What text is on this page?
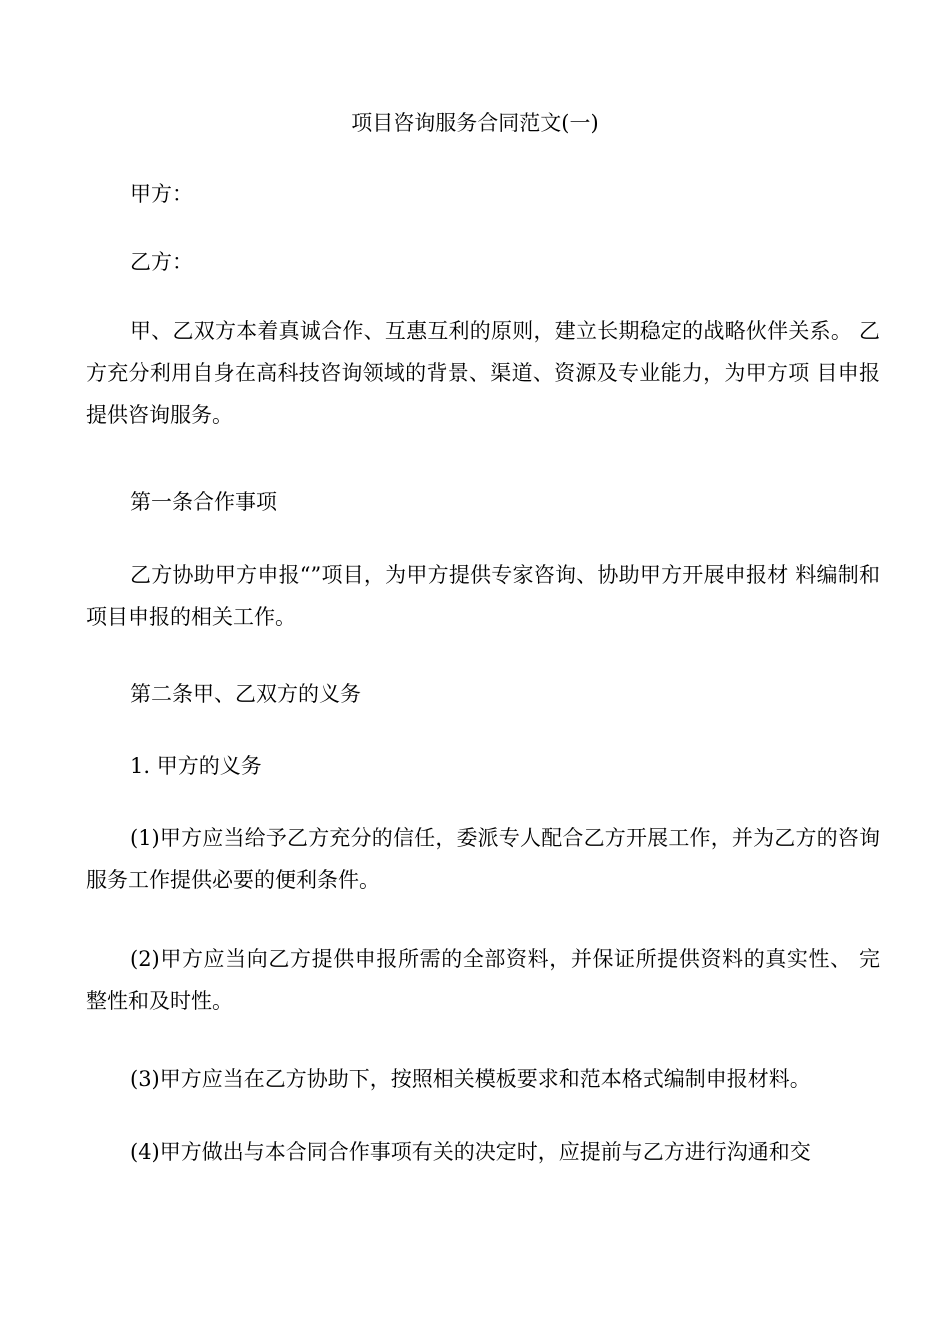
项目咨询服务合同范文(一)

甲方：

乙方：

甲、乙双方本着真诚合作、互惠互利的原则，建立长期稳定的战略伙伴关系。 乙方充分利用自身在高科技咨询领域的背景、渠道、资源及专业能力，为甲方项 目申报提供咨询服务。

第一条合作事项

乙方协助甲方申报“”项目，为甲方提供专家咨询、协助甲方开展申报材 料编制和项目申报的相关工作。

第二条甲、乙双方的义务

1. 甲方的义务

(1)甲方应当给予乙方充分的信任，委派专人配合乙方开展工作，并为乙方的咨询服务工作提供必要的便利条件。

(2)甲方应当向乙方提供申报所需的全部资料，并保证所提供资料的真实性、 完整性和及时性。

(3)甲方应当在乙方协助下，按照相关模板要求和范本格式编制申报材料。

(4)甲方做出与本合同合作事项有关的决定时，应提前与乙方进行沟通和交
